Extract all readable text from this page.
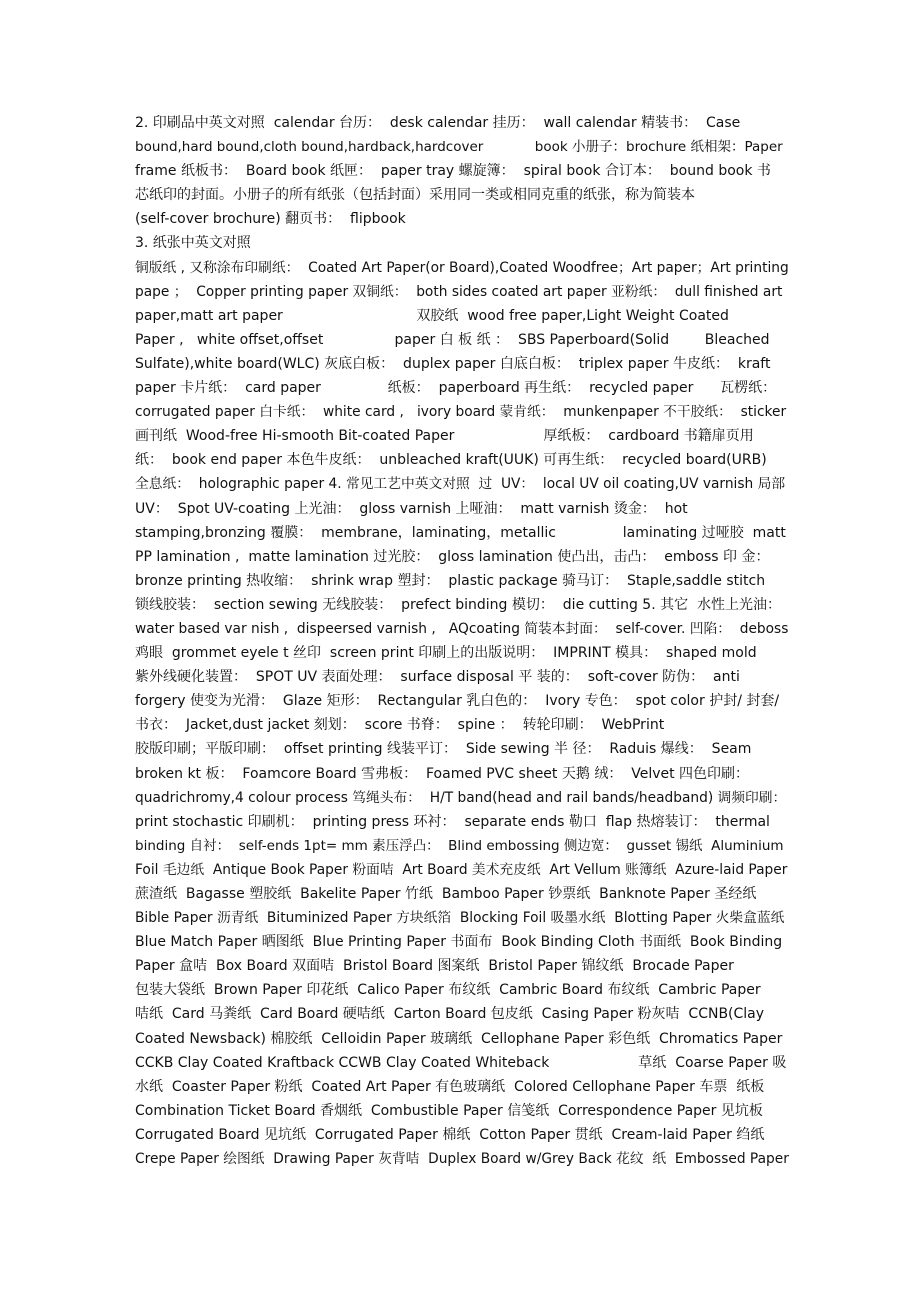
2. 印刷品中英文对照  calendar 台历：  desk calendar 挂历：  wall calendar 精装书：  Case
bound,hard bound,cloth bound,hardback,hardcover            book 小册子：brochure 纸相架：Paper
frame 纸板书：  Board book 纸匣：  paper tray 螺旋簿：  spiral book 合订本：  bound book 书
芯纸印的封面。小册子的所有纸张（包括封面）采用同一类或相同克重的纸张，称为简装本
(self-cover brochure) 翻页书：  flipbook
3. 纸张中英文对照
铜版纸 , 又称涂布印刷纸：  Coated Art Paper(or Board),Coated Woodfree；Art paper；Art printing
pape ；  Copper printing paper 双铜纸：  both sides coated art paper 亚粉纸：  dull finished art
paper,matt art paper                              双胶纸  wood free paper,Light Weight Coated
Paper ,   white offset,offset                paper 白 板 纸 ：  SBS Paperboard(Solid        Bleached
Sulfate),white board(WLC) 灰底白板：  duplex paper 白底白板：  triplex paper 牛皮纸：  kraft
paper 卡片纸：  card paper               纸板：  paperboard 再生纸：  recycled paper      瓦楞纸：
corrugated paper 白卡纸：  white card ,   ivory board 蒙肯纸：  munkenpaper 不干胶纸：  sticker
画刊纸  Wood-free Hi-smooth Bit-coated Paper                    厚纸板：  cardboard 书籍扉页用
纸：  book end paper 本色牛皮纸：  unbleached kraft(UUK) 可再生纸：  recycled board(URB)
全息纸：  holographic paper 4. 常见工艺中英文对照  过  UV：  local UV oil coating,UV varnish 局部
UV：  Spot UV-coating 上光油：  gloss varnish 上哑油：  matt varnish 烫金：  hot
stamping,bronzing 覆膜：  membrane，laminating，metallic               laminating 过哑胶  matt
PP lamination ,  matte lamination 过光胶：  gloss lamination 使凸出，击凸：  emboss 印 金：
bronze printing 热收缩：  shrink wrap 塑封：  plastic package 骑马订：  Staple,saddle stitch
锁线胶装：  section sewing 无线胶装：  prefect binding 模切：  die cutting 5. 其它  水性上光油：
water based var nish ,  dispeersed varnish ,   AQcoating 简装本封面：  self-cover. 凹陷：  deboss
鸡眼  grommet eyele t 丝印  screen print 印刷上的出版说明：  IMPRINT 模具：  shaped mold
紫外线硬化装置：  SPOT UV 表面处理：  surface disposal 平 装的：  soft-cover 防伪：  anti
forgery 使变为光滑：  Glaze 矩形：  Rectangular 乳白色的：  Ivory 专色：  spot color 护封/ 封套/
书衣：  Jacket,dust jacket 刻划：  score 书脊：  spine ：  转轮印刷：  WebPrint
胶版印刷；平版印刷：  offset printing 线装平订：  Side sewing 半 径：  Raduis 爆线：  Seam
broken kt 板：  Foamcore Board 雪弗板：  Foamed PVC sheet 天鹅 绒：  Velvet 四色印刷：
quadrichromy,4 colour process 笃绳头布：  H/T band(head and rail bands/headband) 调频印刷：
print stochastic 印刷机：  printing press 环衬：  separate ends 勒口  flap 热熔装订：  thermal
binding 自衬：  self-ends 1pt= mm 素压浮凸：  Blind embossing 侧边宽：  gusset 锡纸  Aluminium
Foil 毛边纸  Antique Book Paper 粉面咭  Art Board 美术充皮纸  Art Vellum 账簿纸  Azure-laid Paper
蔗渣纸  Bagasse 塑胶纸  Bakelite Paper 竹纸  Bamboo Paper 钞票纸  Banknote Paper 圣经纸
Bible Paper 沥青纸  Bituminized Paper 方块纸箔  Blocking Foil 吸墨水纸  Blotting Paper 火柴盒蓝纸
Blue Match Paper 晒图纸  Blue Printing Paper 书面布  Book Binding Cloth 书面纸  Book Binding
Paper 盒咭  Box Board 双面咭  Bristol Board 图案纸  Bristol Paper 锦纹纸  Brocade Paper
包装大袋纸  Brown Paper 印花纸  Calico Paper 布纹纸  Cambric Board 布纹纸  Cambric Paper
咭纸  Card 马粪纸  Card Board 硬咭纸  Carton Board 包皮纸  Casing Paper 粉灰咭  CCNB(Clay
Coated Newsback) 棉胶纸  Celloidin Paper 玻璃纸  Cellophane Paper 彩色纸  Chromatics Paper
CCKB Clay Coated Kraftback CCWB Clay Coated Whiteback                    草纸  Coarse Paper 吸
水纸  Coaster Paper 粉纸  Coated Art Paper 有色玻璃纸  Colored Cellophane Paper 车票  纸板
Combination Ticket Board 香烟纸  Combustible Paper 信笺纸  Correspondence Paper 见坑板
Corrugated Board 见坑纸  Corrugated Paper 棉纸  Cotton Paper 贯纸  Cream-laid Paper 绉纸
Crepe Paper 绘图纸  Drawing Paper 灰背咭  Duplex Board w/Grey Back 花纹  纸  Embossed Paper
